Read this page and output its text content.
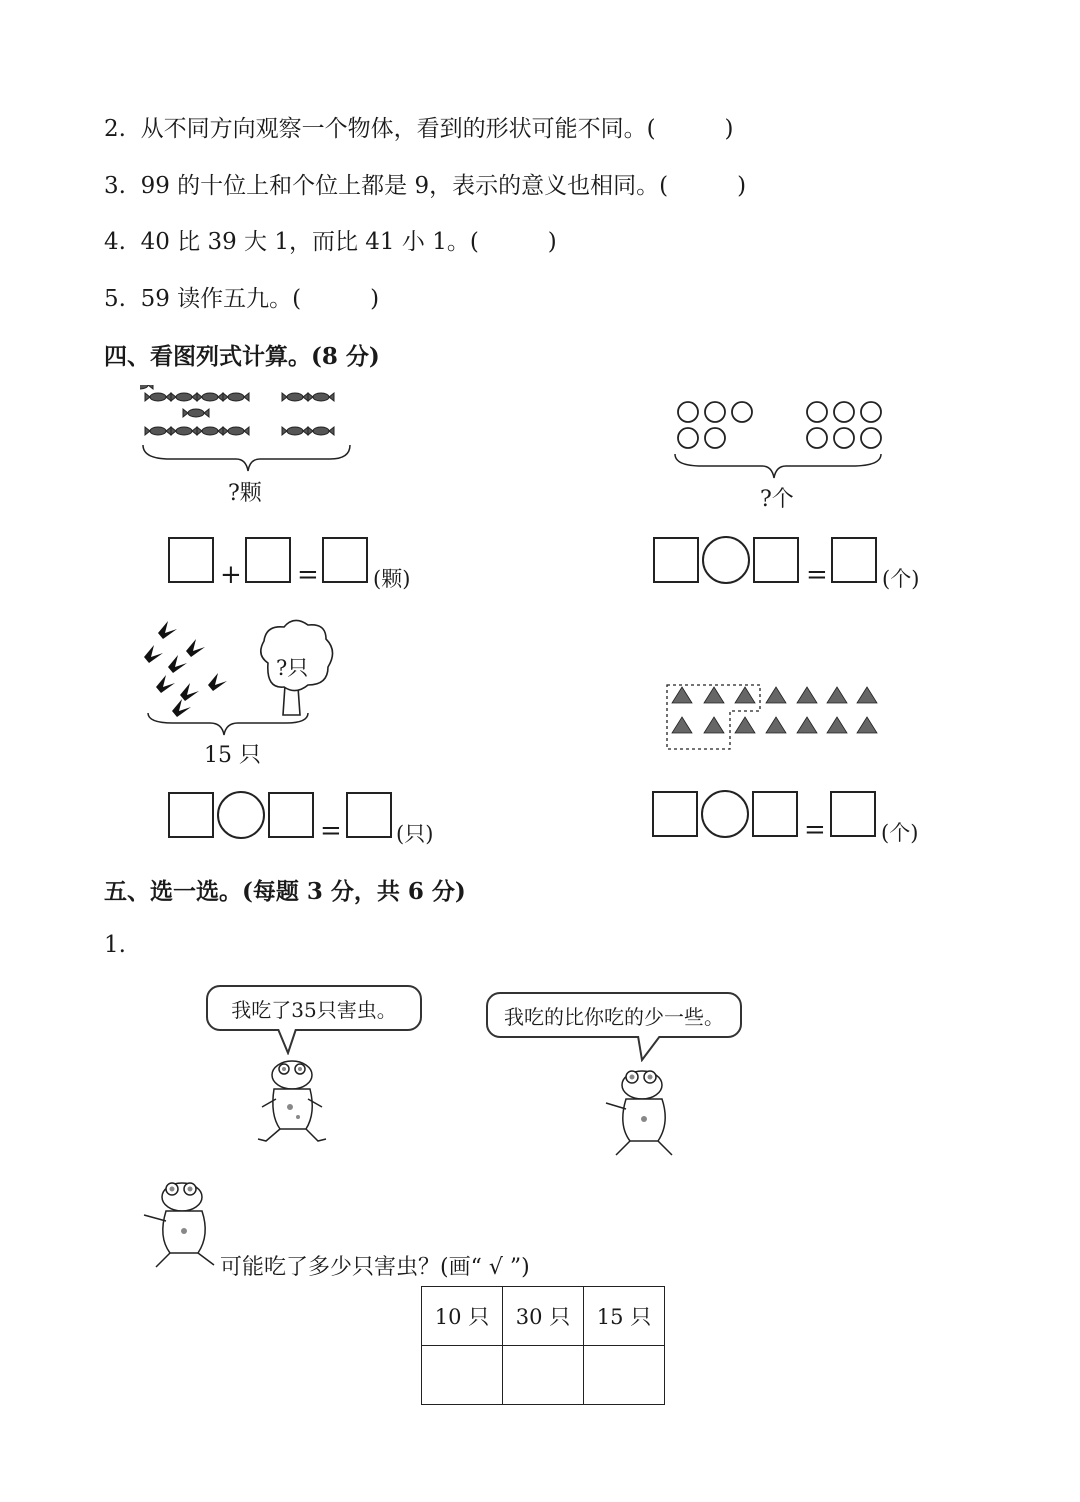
2. 从不同方向观察一个物体，看到的形状可能不同。(　　　)
3. 99 的十位上和个位上都是 9，表示的意义也相同。(　　　)
4. 40 比 39 大 1，而比 41 小 1。(　　　)
5. 59 读作五九。(　　　)
四、看图列式计算。(8 分)
?颗
+ =	(颗)
?个
=	(个)
?只
15 只
=	(只)	=	(个)
五、选一选。(每题 3 分，共 6 分)
1.
我吃了35只害虫。	我吃的比你吃的少一些。
可能吃了多少只害虫？(画“ √ ”)
10 只	30 只	15 只
